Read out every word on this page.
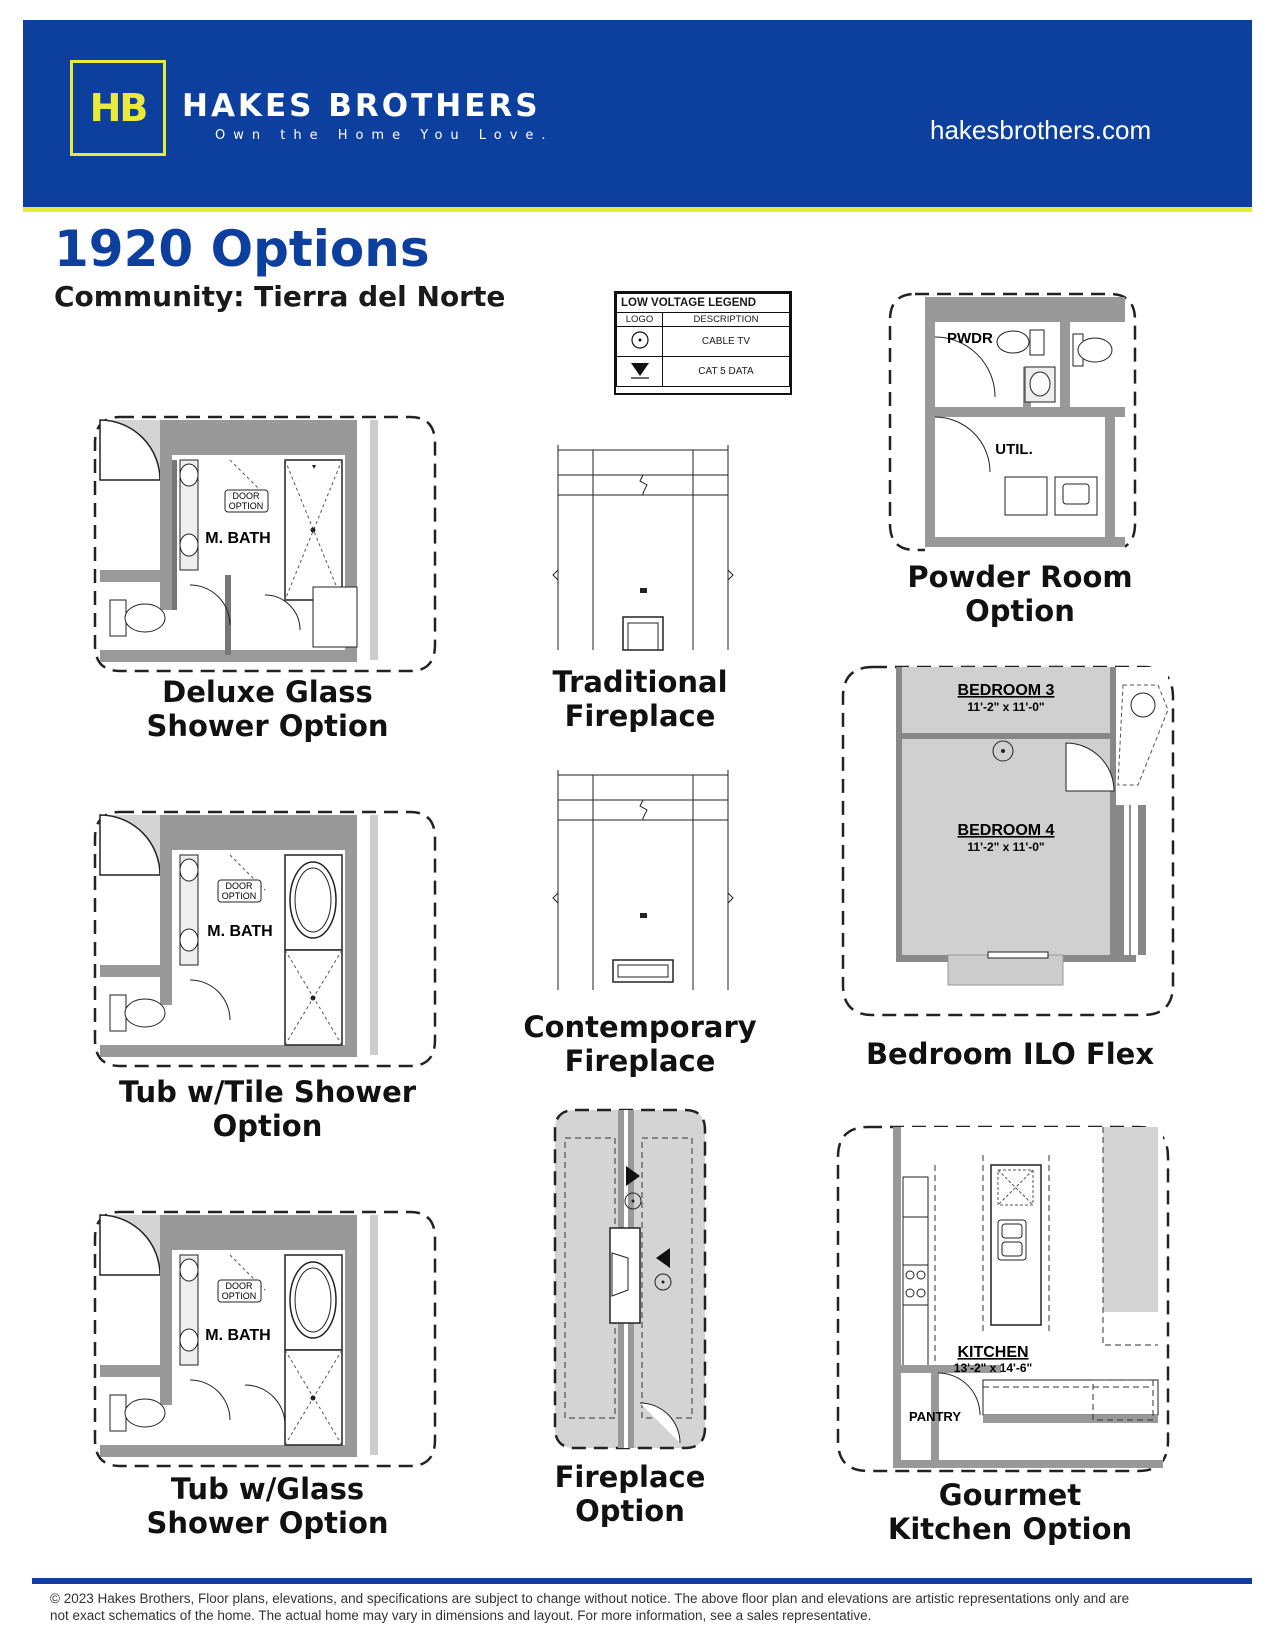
HB HAKES BROTHERS
Own the Home You Love.	hakesbrothers.com
1920 Options
Community: Tierra del Norte	LOW VOLTAGE LEGEND	
LOGO	DESCRIPTION
	CABLE TV
	CAT 5 DATA
DOOR
OPTION
M. BATH
Deluxe Glass
Shower Option
DOOR
OPTION
M. BATH
Tub w/Tile Shower
Option
DOOR
OPTION
M. BATH
Tub w/Glass
Shower Option
Traditional
Fireplace
Contemporary
Fireplace
Fireplace
Option
PWDR
UTIL.
Powder Room
Option
BEDROOM 3
11'-2" x 11'-0"
BEDROOM 4
11'-2" x 11'-0"
Bedroom ILO Flex
KITCHEN
13'-2" x 14'-6"
PANTRY
Gourmet
Kitchen Option
© 2023 Hakes Brothers, Floor plans, elevations, and specifications are subject to change without notice. The above floor plan and elevations are artistic representations only and are
not exact schematics of the home. The actual home may vary in dimensions and layout. For more information, see a sales representative.
